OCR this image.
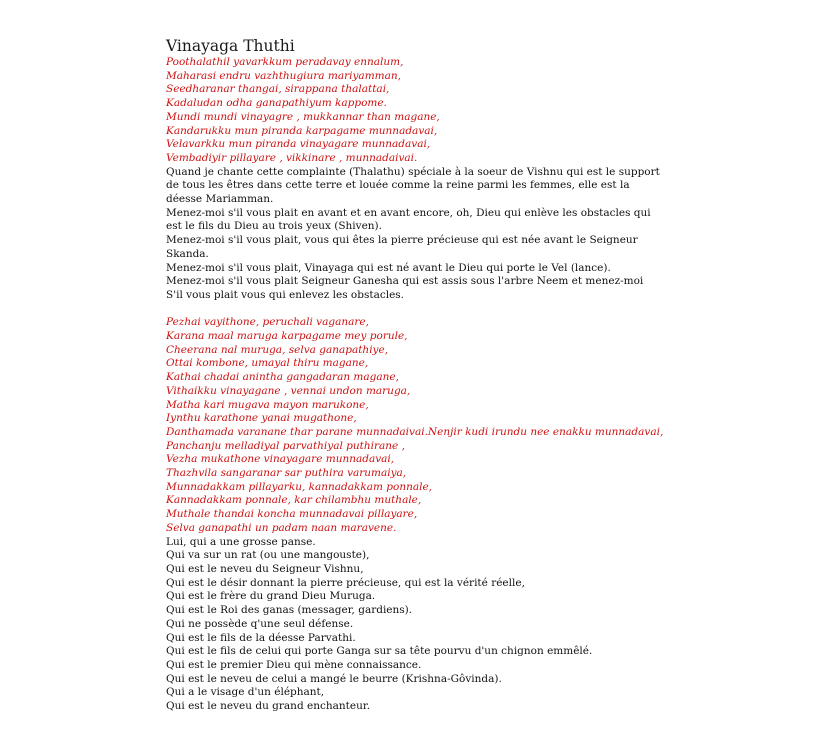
Vinayaga Thuthi
Poothalathil yavarkkum peradavay ennalum,
Maharasi endru vazhthugiura mariyamman,
Seedharanar thangai, sirappana thalattai,
Kadaludan odha ganapathiyum kappome.
Mundi mundi vinayagre , mukkannar than magane,
Kandarukku mun piranda karpagame munnadavai,
Velavarkku mun piranda vinayagare munnadavai,
Vembadiyir pillayare , vikkinare , munnadaivai.
Quand je chante cette complainte (Thalathu) spéciale à la soeur de Vishnu qui est le support de tous les êtres dans cette terre et louée comme la reine parmi les femmes, elle est la déesse Mariamman.
Menez-moi s'il vous plait en avant et en avant encore, oh, Dieu qui enlève les obstacles qui est le fils du Dieu au trois yeux (Shiven).
Menez-moi s'il vous plait, vous qui êtes la pierre précieuse qui est née avant le Seigneur Skanda.
Menez-moi s'il vous plait, Vinayaga qui est né avant le Dieu qui porte le Vel (lance).
Menez-moi s'il vous plait Seigneur Ganesha qui est assis sous l'arbre Neem et menez-moi S'il vous plait vous qui enlevez les obstacles.
Pezhai vayithone, peruchali vaganare,
Karana maal maruga karpagame mey porule,
Cheerana nal muruga, selva ganapathiye,
Ottai kombone, umayal thiru magane,
Kathai chadai anintha gangadaran magane,
Vithaikku vinayagane , vennai undon maruga,
Matha kari mugava mayon marukone,
Iynthu karathone yanai mugathone,
Danthamada varanane thar parane munnadaivai.Nenjir kudi irundu nee enakku munnadavai,
Panchanju melladiyal parvathiyal puthirane ,
Vezha mukathone vinayagare munnadavai,
Thazhvila sangaranar sar puthira varumaiya,
Munnadakkam pillayarku, kannadakkam ponnale,
Kannadakkam ponnale, kar chilambhu muthale,
Muthale thandai koncha munnadavai pillayare,
Selva ganapathi un padam naan maravene.
Lui, qui a une grosse panse.
Qui va sur un rat (ou une mangouste),
Qui est le neveu du Seigneur Vishnu,
Qui est le désir donnant la pierre précieuse, qui est la vérité réelle,
Qui est le frère du grand Dieu Muruga.
Qui est le Roi des ganas (messager, gardiens).
Qui ne possède q'une seul défense.
Qui est le fils de la déesse Parvathi.
Qui est le fils de celui qui porte Ganga sur sa tête pourvu d'un chignon emmêlé.
Qui est le premier Dieu qui mène connaissance.
Qui est le neveu de celui a mangé le beurre (Krishna-Gôvinda).
Qui a le visage d'un éléphant,
Qui est le neveu du grand enchanteur.
